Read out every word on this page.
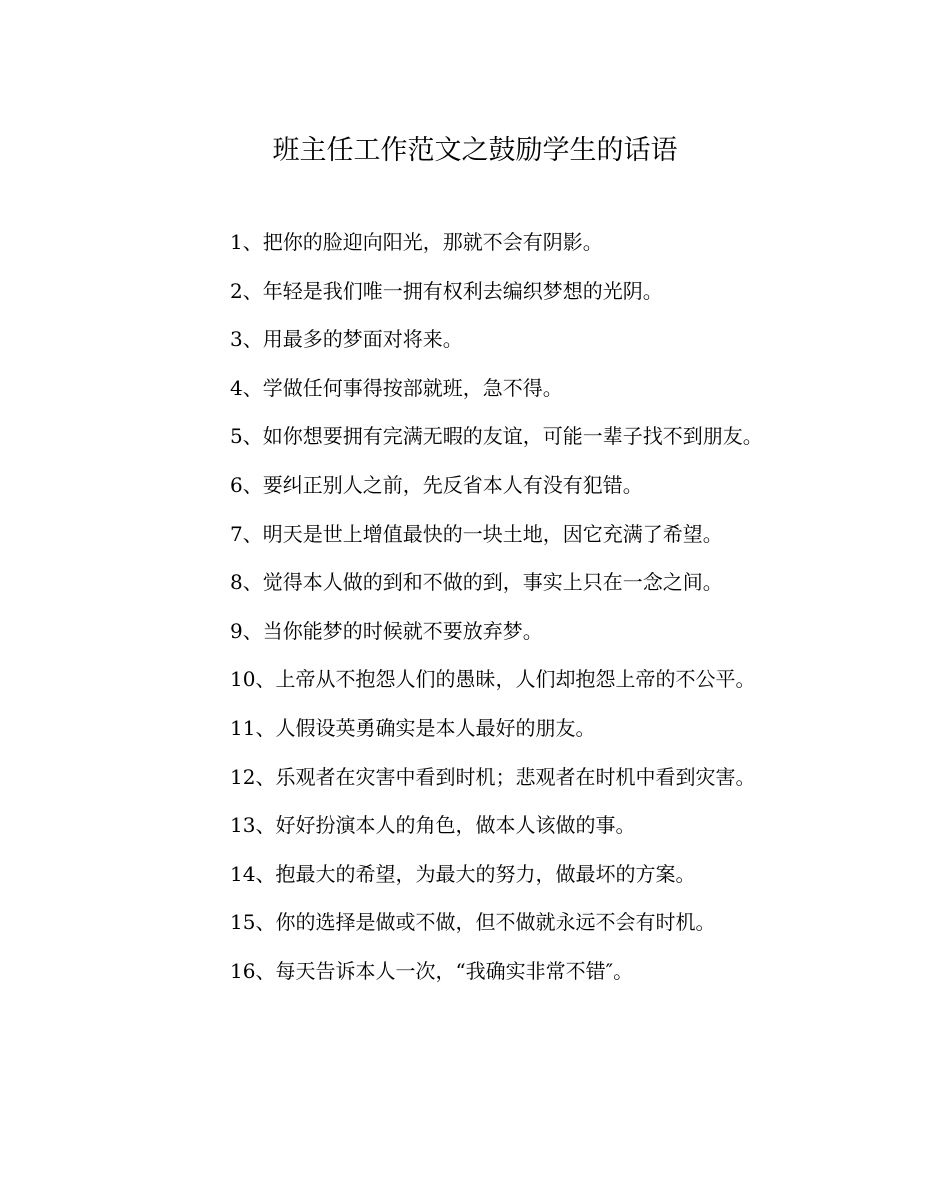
班主任工作范文之鼓励学生的话语

1、把你的脸迎向阳光，那就不会有阴影。

2、年轻是我们唯一拥有权利去编织梦想的光阴。

3、用最多的梦面对将来。

4、学做任何事得按部就班，急不得。

5、如你想要拥有完满无暇的友谊，可能一辈子找不到朋友。

6、要纠正别人之前，先反省本人有没有犯错。

7、明天是世上增值最快的一块土地，因它充满了希望。

8、觉得本人做的到和不做的到，事实上只在一念之间。

9、当你能梦的时候就不要放弃梦。

10、上帝从不抱怨人们的愚昧，人们却抱怨上帝的不公平。

11、人假设英勇确实是本人最好的朋友。

12、乐观者在灾害中看到时机；悲观者在时机中看到灾害。

13、好好扮演本人的角色，做本人该做的事。

14、抱最大的希望，为最大的努力，做最坏的方案。

15、你的选择是做或不做，但不做就永远不会有时机。

16、每天告诉本人一次，“我确实非常不错″。
